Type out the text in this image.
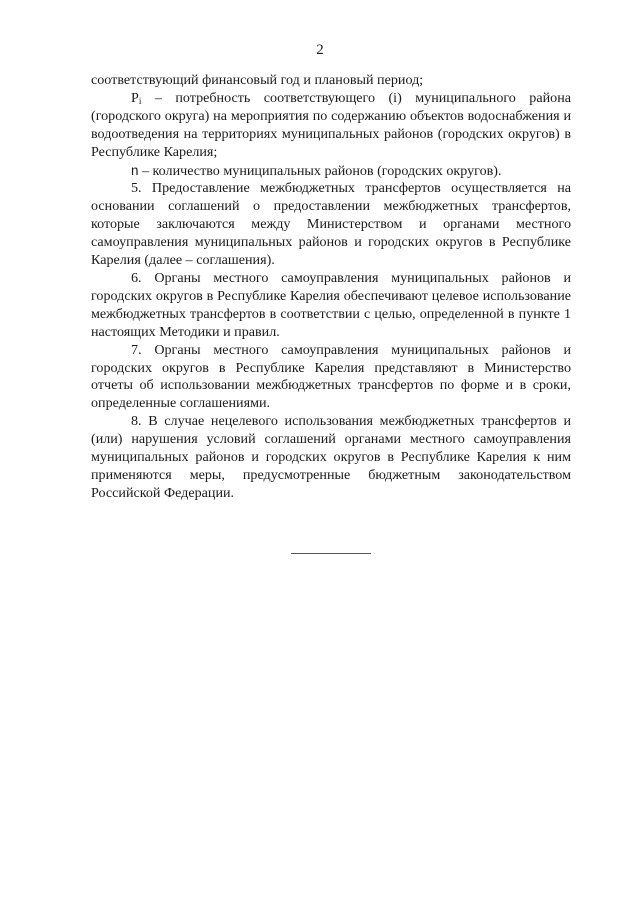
2

соответствующий финансовый год и плановый период;

$P_i$ – потребность соответствующего (i) муниципального района (городского округа) на мероприятия по содержанию объектов водоснабжения и водоотведения на территориях муниципальных районов (городских округов) в Республике Карелия;

n – количество муниципальных районов (городских округов).

5. Предоставление межбюджетных трансфертов осуществляется на основании соглашений о предоставлении межбюджетных трансфертов, которые заключаются между Министерством и органами местного самоуправления муниципальных районов и городских округов в Республике Карелия (далее – соглашения).

6. Органы местного самоуправления муниципальных районов и городских округов в Республике Карелия обеспечивают целевое использование межбюджетных трансфертов в соответствии с целью, определенной в пункте 1 настоящих Методики и правил.

7. Органы местного самоуправления муниципальных районов и городских округов в Республике Карелия представляют в Министерство отчеты об использовании межбюджетных трансфертов по форме и в сроки, определенные соглашениями.

8. В случае нецелевого использования межбюджетных трансфертов и (или) нарушения условий соглашений органами местного самоуправления муниципальных районов и городских округов в Республике Карелия к ним применяются меры, предусмотренные бюджетным законодательством Российской Федерации.
